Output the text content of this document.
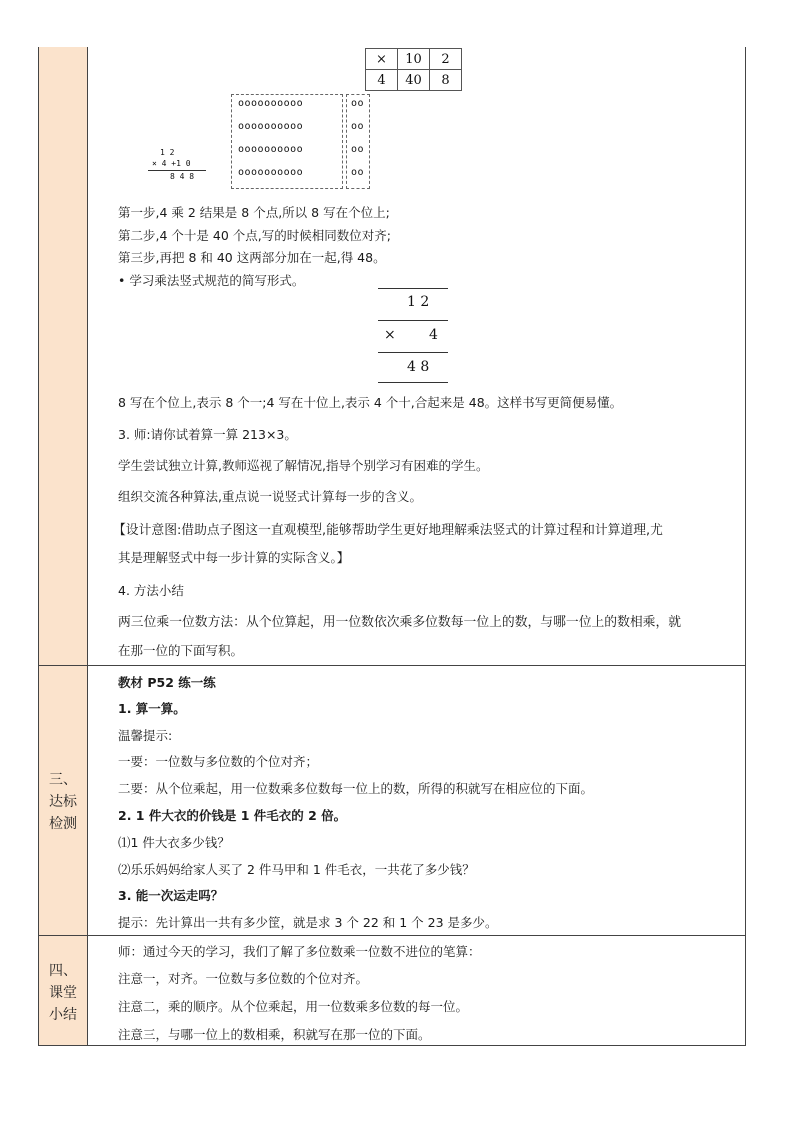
三、
达标
检测
四、
课堂
小结
×	10	2
4	40	8
1 2
× 4 +1 0
8 4 8
oooooooooo
oooooooooo
oooooooooo
oooooooooo
oo
oo
oo
oo
第一步,4 乘 2 结果是 8 个点,所以 8 写在个位上;
第二步,4 个十是 40 个点,写的时候相同数位对齐;
第三步,再把 8 和 40 这两部分加在一起,得 48。
• 学习乘法竖式规范的简写形式。
1 2
× 4
4 8
8 写在个位上,表示 8 个一;4 写在十位上,表示 4 个十,合起来是 48。这样书写更简便易懂。
3. 师:请你试着算一算 213×3。
学生尝试独立计算,教师巡视了解情况,指导个别学习有困难的学生。
组织交流各种算法,重点说一说竖式计算每一步的含义。
【设计意图:借助点子图这一直观模型,能够帮助学生更好地理解乘法竖式的计算过程和计算道理,尤
其是理解竖式中每一步计算的实际含义。】
4. 方法小结
两三位乘一位数方法：从个位算起，用一位数依次乘多位数每一位上的数，与哪一位上的数相乘，就
在那一位的下面写积。
教材 P52 练一练
1. 算一算。
温馨提示:
一要：一位数与多位数的个位对齐；
二要：从个位乘起，用一位数乘多位数每一位上的数，所得的积就写在相应位的下面。
2. 1 件大衣的价钱是 1 件毛衣的 2 倍。
⑴1 件大衣多少钱？
⑵乐乐妈妈给家人买了 2 件马甲和 1 件毛衣，一共花了多少钱？
3. 能一次运走吗？
提示：先计算出一共有多少筐，就是求 3 个 22 和 1 个 23 是多少。
师：通过今天的学习，我们了解了多位数乘一位数不进位的笔算：
注意一，对齐。一位数与多位数的个位对齐。
注意二，乘的顺序。从个位乘起，用一位数乘多位数的每一位。
注意三，与哪一位上的数相乘，积就写在那一位的下面。
